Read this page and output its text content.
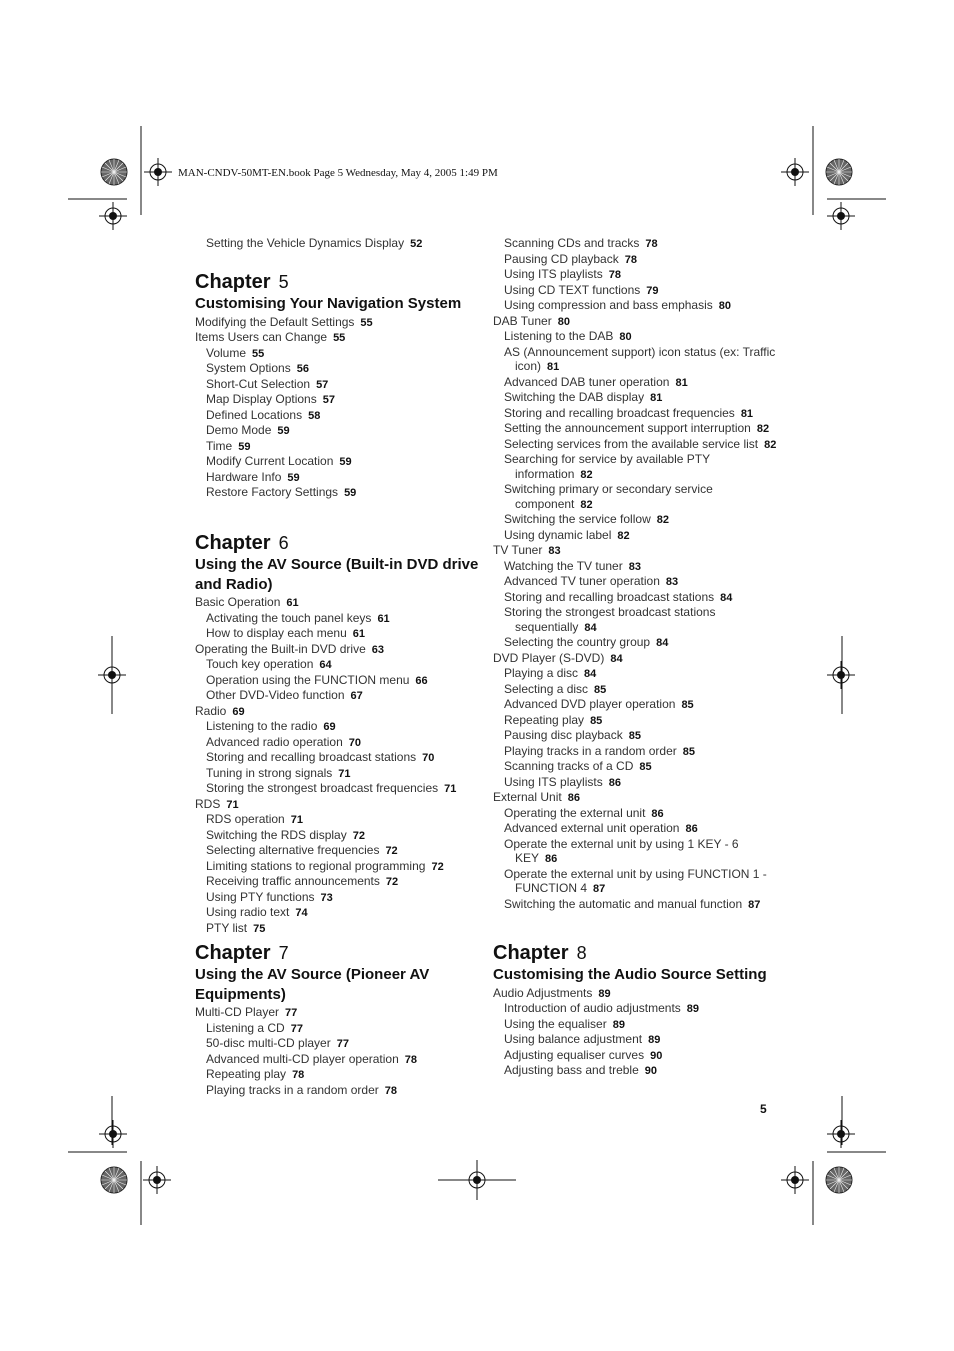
MAN-CNDV-50MT-EN.book Page 5 Wednesday, May 4, 2005 1:49 PM
Setting the Vehicle Dynamics Display 52
Chapter 5
Customising Your Navigation System
Modifying the Default Settings 55
Items Users can Change 55
Volume 55
System Options 56
Short-Cut Selection 57
Map Display Options 57
Defined Locations 58
Demo Mode 59
Time 59
Modify Current Location 59
Hardware Info 59
Restore Factory Settings 59
Chapter 6
Using the AV Source (Built-in DVD drive and Radio)
Basic Operation 61
Activating the touch panel keys 61
How to display each menu 61
Operating the Built-in DVD drive 63
Touch key operation 64
Operation using the FUNCTION menu 66
Other DVD-Video function 67
Radio 69
Listening to the radio 69
Advanced radio operation 70
Storing and recalling broadcast stations 70
Tuning in strong signals 71
Storing the strongest broadcast frequencies 71
RDS 71
RDS operation 71
Switching the RDS display 72
Selecting alternative frequencies 72
Limiting stations to regional programming 72
Receiving traffic announcements 72
Using PTY functions 73
Using radio text 74
PTY list 75
Chapter 7
Using the AV Source (Pioneer AV Equipments)
Multi-CD Player 77
Listening a CD 77
50-disc multi-CD player 77
Advanced multi-CD player operation 78
Repeating play 78
Playing tracks in a random order 78
Scanning CDs and tracks 78
Pausing CD playback 78
Using ITS playlists 78
Using CD TEXT functions 79
Using compression and bass emphasis 80
DAB Tuner 80
Listening to the DAB 80
AS (Announcement support) icon status (ex: Traffic icon) 81
Advanced DAB tuner operation 81
Switching the DAB display 81
Storing and recalling broadcast frequencies 81
Setting the announcement support interruption 82
Selecting services from the available service list 82
Searching for service by available PTY information 82
Switching primary or secondary service component 82
Switching the service follow 82
Using dynamic label 82
TV Tuner 83
Watching the TV tuner 83
Advanced TV tuner operation 83
Storing and recalling broadcast stations 84
Storing the strongest broadcast stations sequentially 84
Selecting the country group 84
DVD Player (S-DVD) 84
Playing a disc 84
Selecting a disc 85
Advanced DVD player operation 85
Repeating play 85
Pausing disc playback 85
Playing tracks in a random order 85
Scanning tracks of a CD 85
Using ITS playlists 86
External Unit 86
Operating the external unit 86
Advanced external unit operation 86
Operate the external unit by using 1 KEY - 6 KEY 86
Operate the external unit by using FUNCTION 1 - FUNCTION 4 87
Switching the automatic and manual function 87
Chapter 8
Customising the Audio Source Setting
Audio Adjustments 89
Introduction of audio adjustments 89
Using the equaliser 89
Using balance adjustment 89
Adjusting equaliser curves 90
Adjusting bass and treble 90
5
